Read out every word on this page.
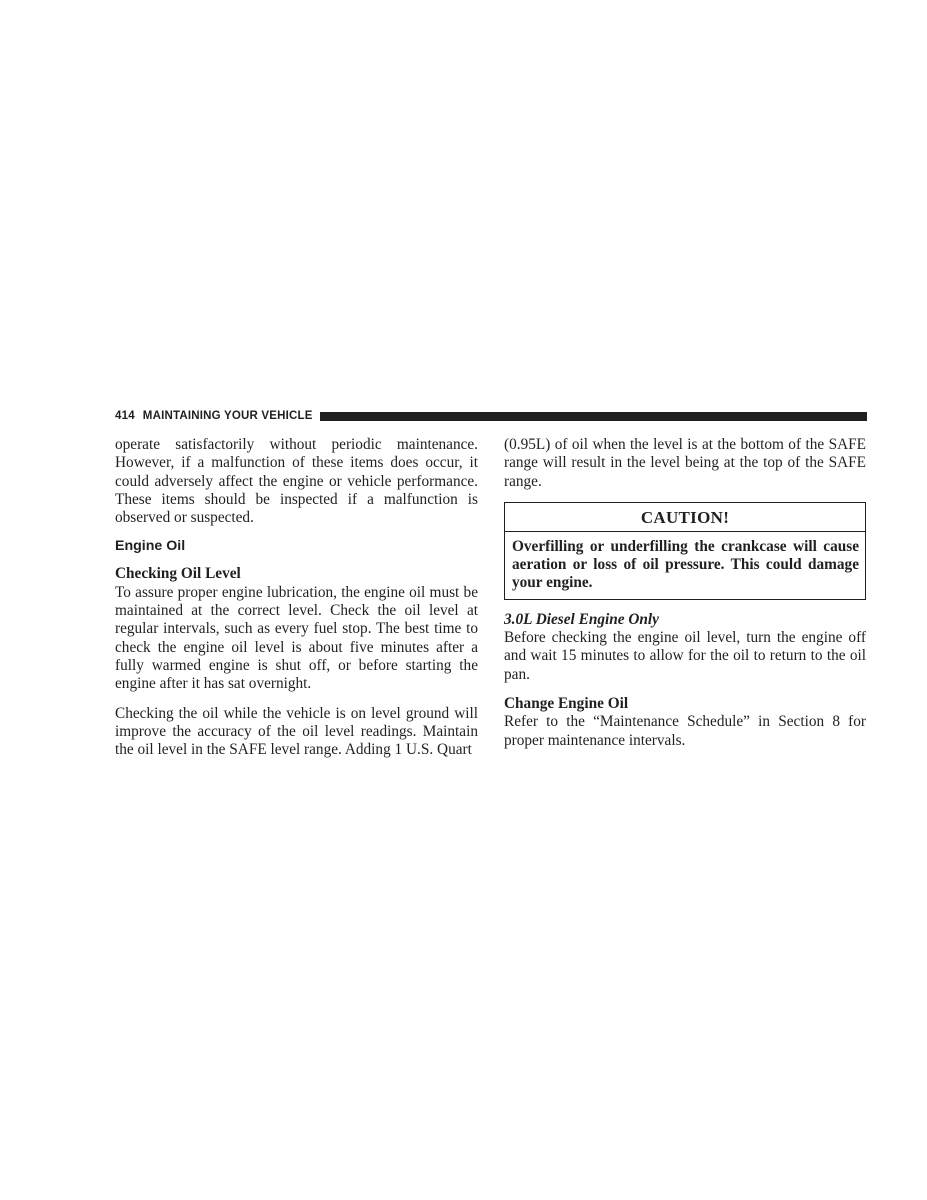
414 MAINTAINING YOUR VEHICLE

operate satisfactorily without periodic maintenance. However, if a malfunction of these items does occur, it could adversely affect the engine or vehicle performance. These items should be inspected if a malfunction is observed or suspected.

Engine Oil
Checking Oil Level

To assure proper engine lubrication, the engine oil must be maintained at the correct level. Check the oil level at regular intervals, such as every fuel stop. The best time to check the engine oil level is about five minutes after a fully warmed engine is shut off, or before starting the engine after it has sat overnight.

Checking the oil while the vehicle is on level ground will improve the accuracy of the oil level readings. Maintain the oil level in the SAFE level range. Adding 1 U.S. Quart

(0.95L) of oil when the level is at the bottom of the SAFE range will result in the level being at the top of the SAFE range.

CAUTION!
Overfilling or underfilling the crankcase will cause aeration or loss of oil pressure. This could damage your engine.
3.0L Diesel Engine Only

Before checking the engine oil level, turn the engine off and wait 15 minutes to allow for the oil to return to the oil pan.

Change Engine Oil

Refer to the “Maintenance Schedule” in Section 8 for proper maintenance intervals.
